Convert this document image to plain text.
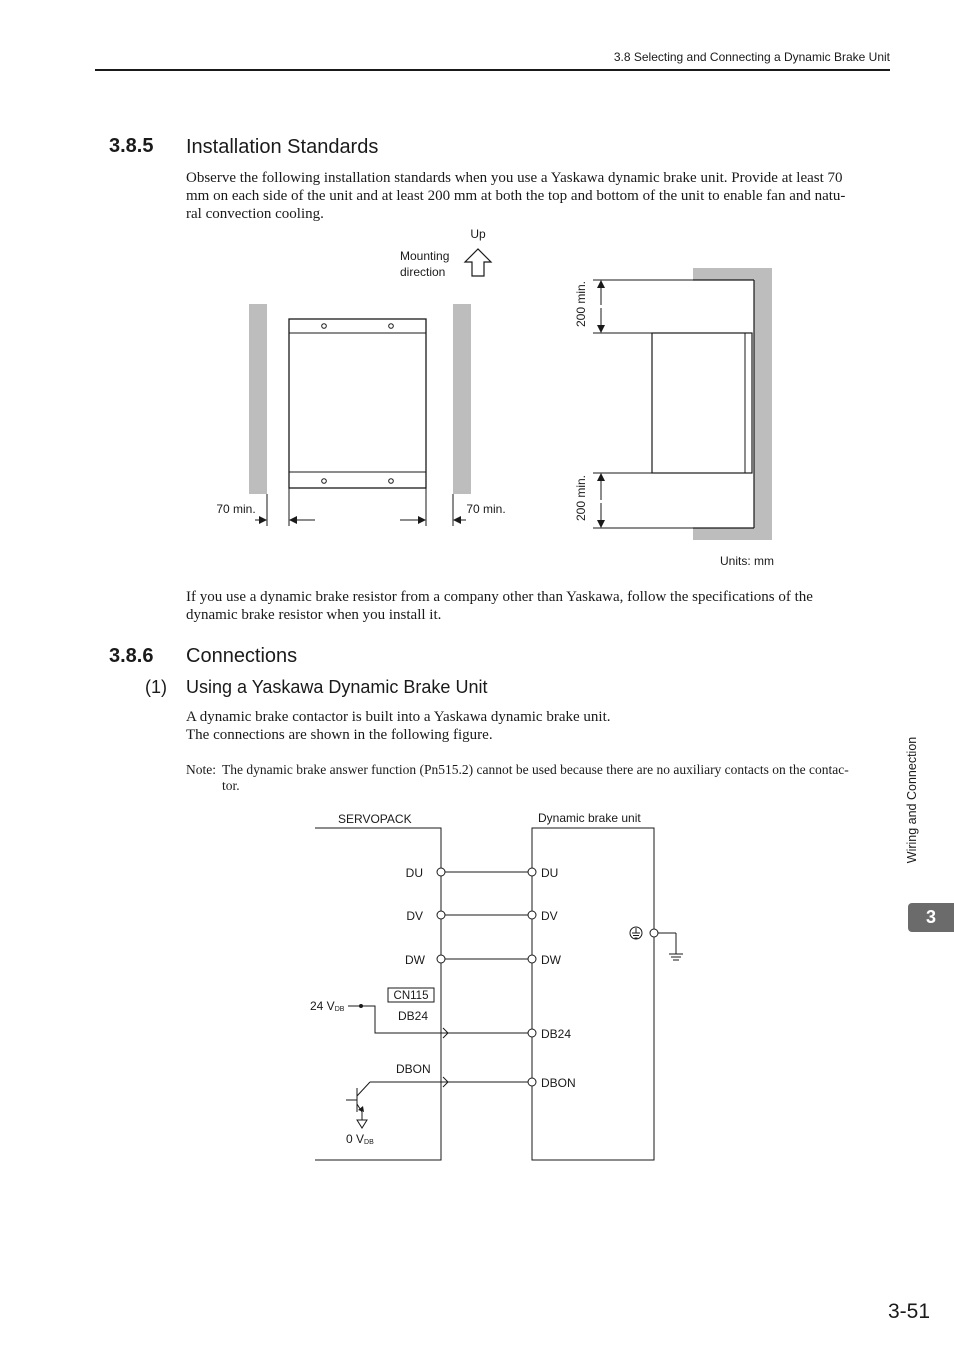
3.8 Selecting and Connecting a Dynamic Brake Unit
3.8.5 Installation Standards
Observe the following installation standards when you use a Yaskawa dynamic brake unit. Provide at least 70
mm on each side of the unit and at least 200 mm at both the top and bottom of the unit to enable fan and natu-
ral convection cooling.
70 min.	70 min.
Up
Mounting
direction
200 min.
200 min.
Units: mm
If you use a dynamic brake resistor from a company other than Yaskawa, follow the specifications of the
dynamic brake resistor when you install it.
3.8.6 Connections
(1) Using a Yaskawa Dynamic Brake Unit
A dynamic brake contactor is built into a Yaskawa dynamic brake unit.
The connections are shown in the following figure.
Note: The dynamic brake answer function (Pn515.2) cannot be used because there are no auxiliary contacts on the contac-
tor.
CN115
SERVOPACK	Dynamic brake unit
DU
DV
DW
DB24
DBON
24 VDB
0 VDB
DU
DV
DW
DB24
DBON
Wiring and Connection
3
3-51
